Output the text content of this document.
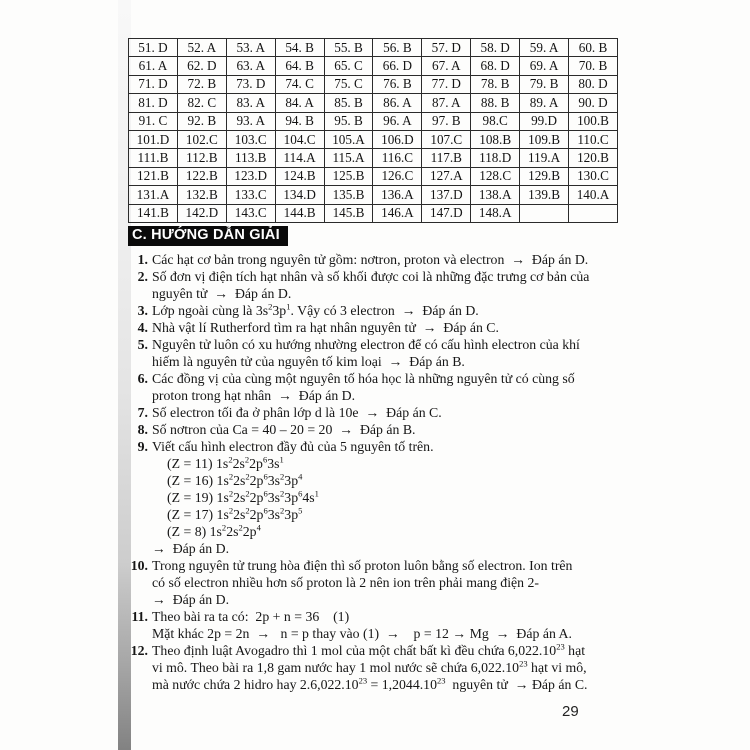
51. D	52. A	53. A	54. B	55. B	56. B	57. D	58. D	59. A	60. B
61. A	62. D	63. A	64. B	65. C	66. D	67. A	68. D	69. A	70. B
71. D	72. B	73. D	74. C	75. C	76. B	77. D	78. B	79. B	80. D
81. D	82. C	83. A	84. A	85. B	86. A	87. A	88. B	89. A	90. D
91. C	92. B	93. A	94. B	95. B	96. A	97. B	98.C	99.D	100.B
101.D	102.C	103.C	104.C	105.A	106.D	107.C	108.B	109.B	110.C
111.B	112.B	113.B	114.A	115.A	116.C	117.B	118.D	119.A	120.B
121.B	122.B	123.D	124.B	125.B	126.C	127.A	128.C	129.B	130.C
131.A	132.B	133.C	134.D	135.B	136.A	137.D	138.A	139.B	140.A
141.B	142.D	143.C	144.B	145.B	146.A	147.D	148.A		
C. HƯỚNG DẪN GIẢI
1. Các hạt cơ bản trong nguyên tử gồm: nơtron, proton và electron  →  Đáp án D.
2. Số đơn vị điện tích hạt nhân và số khối được coi là những đặc trưng cơ bản của
nguyên tử  →  Đáp án D.
3. Lớp ngoài cùng là $3s^23p^1$. Vậy có 3 electron  →  Đáp án D.
4. Nhà vật lí Rutherford tìm ra hạt nhân nguyên tử  →  Đáp án C.
5. Nguyên tử luôn có xu hướng nhường electron để có cấu hình electron của khí
hiếm là nguyên tử của nguyên tố kim loại  →  Đáp án B.
6. Các đồng vị của cùng một nguyên tố hóa học là những nguyên tử có cùng số
proton trong hạt nhân  →  Đáp án D.
7. Số electron tối đa ở phân lớp d là 10e  →  Đáp án C.
8. Số nơtron của Ca = 40 – 20 = 20  →  Đáp án B.
9. Viết cấu hình electron đầy đủ của 5 nguyên tố trên.
(Z = 11) $1s^22s^22p^63s^1$
(Z = 16) $1s^22s^22p^63s^23p^4$
(Z = 19) $1s^22s^22p^63s^23p^64s^1$
(Z = 17) $1s^22s^22p^63s^23p^5$
(Z = 8) $1s^22s^22p^4$
→  Đáp án D.
10. Trong nguyên tử trung hòa điện thì số proton luôn bằng số electron. Ion trên
có số electron nhiều hơn số proton là 2 nên ion trên phải mang điện 2-
→  Đáp án D.
11. Theo bài ra ta có:  2p + n = 36    (1)
Mặt khác 2p = 2n  →   n = p thay vào (1)  →    p = 12 → Mg  →  Đáp án A.
12. Theo định luật Avogadro thì 1 mol của một chất bất kì đều chứa 6,022.10$^{23}$ hạt
vi mô. Theo bài ra 1,8 gam nước hay 1 mol nước sẽ chứa 6,022.10$^{23}$ hạt vi mô,
mà nước chứa 2 hidro hay $2.6,022.10^{23} = 1,2044.10^{23}$  nguyên tử  → Đáp án C.
29
